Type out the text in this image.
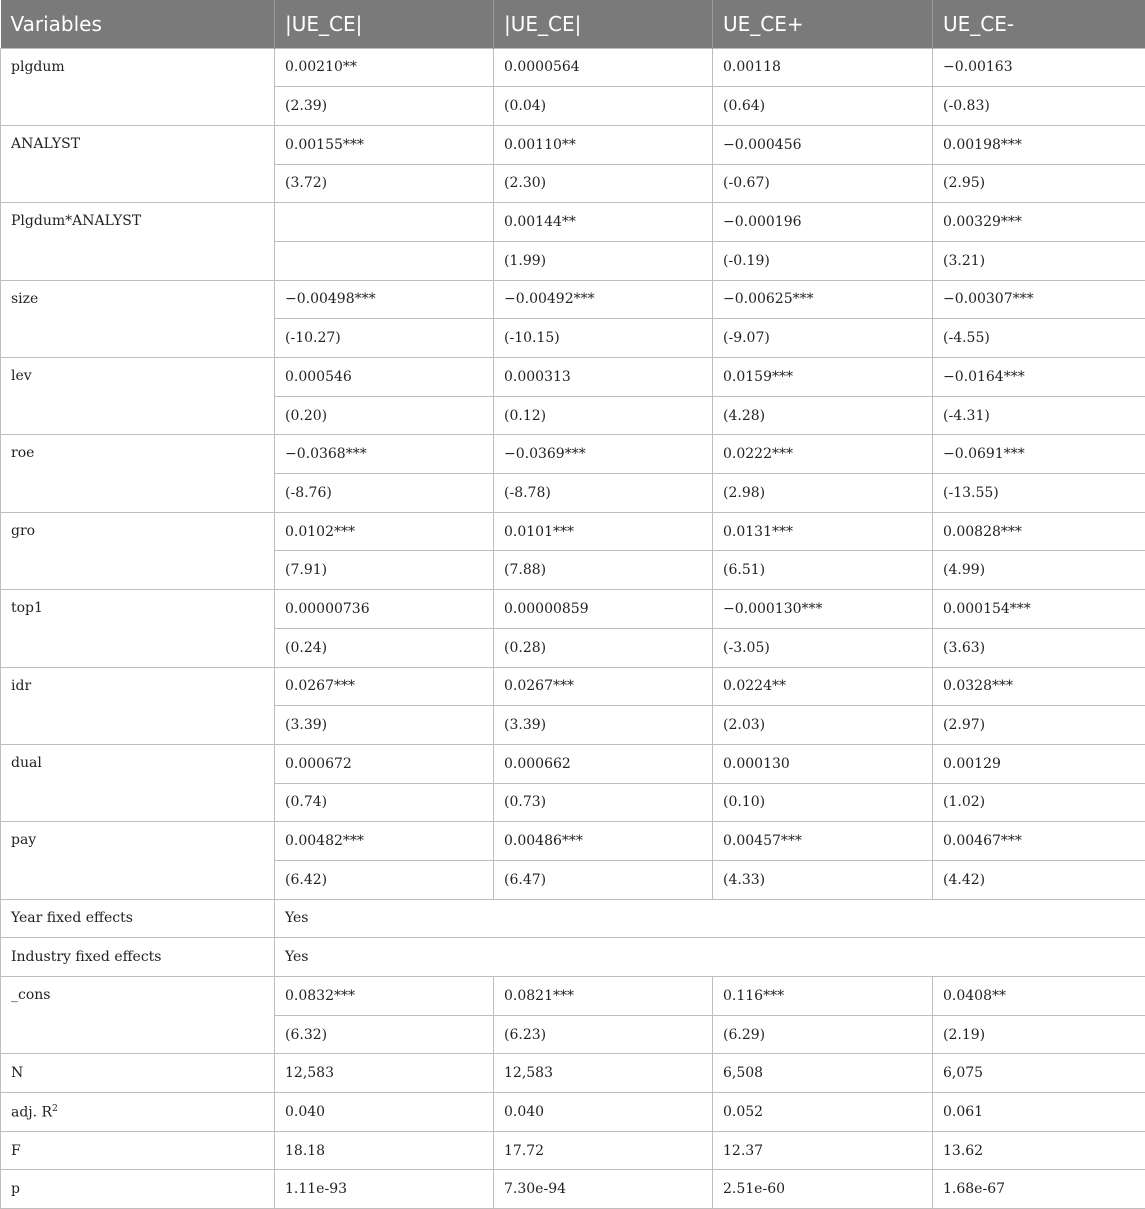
Variables	|UE_CE|	|UE_CE|	UE_CE+	UE_CE-
plgdum	0.00210**	0.0000564	0.00118	−0.00163
	(2.39)	(0.04)	(0.64)	(-0.83)
ANALYST	0.00155***	0.00110**	−0.000456	0.00198***
	(3.72)	(2.30)	(-0.67)	(2.95)
Plgdum*ANALYST		0.00144**	−0.000196	0.00329***
		(1.99)	(-0.19)	(3.21)
size	−0.00498***	−0.00492***	−0.00625***	−0.00307***
	(-10.27)	(-10.15)	(-9.07)	(-4.55)
lev	0.000546	0.000313	0.0159***	−0.0164***
	(0.20)	(0.12)	(4.28)	(-4.31)
roe	−0.0368***	−0.0369***	0.0222***	−0.0691***
	(-8.76)	(-8.78)	(2.98)	(-13.55)
gro	0.0102***	0.0101***	0.0131***	0.00828***
	(7.91)	(7.88)	(6.51)	(4.99)
top1	0.00000736	0.00000859	−0.000130***	0.000154***
	(0.24)	(0.28)	(-3.05)	(3.63)
idr	0.0267***	0.0267***	0.0224**	0.0328***
	(3.39)	(3.39)	(2.03)	(2.97)
dual	0.000672	0.000662	0.000130	0.00129
	(0.74)	(0.73)	(0.10)	(1.02)
pay	0.00482***	0.00486***	0.00457***	0.00467***
	(6.42)	(6.47)	(4.33)	(4.42)
Year fixed effects	Yes			
Industry fixed effects	Yes			
_cons	0.0832***	0.0821***	0.116***	0.0408**
	(6.32)	(6.23)	(6.29)	(2.19)
N	12,583	12,583	6,508	6,075
adj. $R^2$	0.040	0.040	0.052	0.061
F	18.18	17.72	12.37	13.62
p	1.11e-93	7.30e-94	2.51e-60	1.68e-67
